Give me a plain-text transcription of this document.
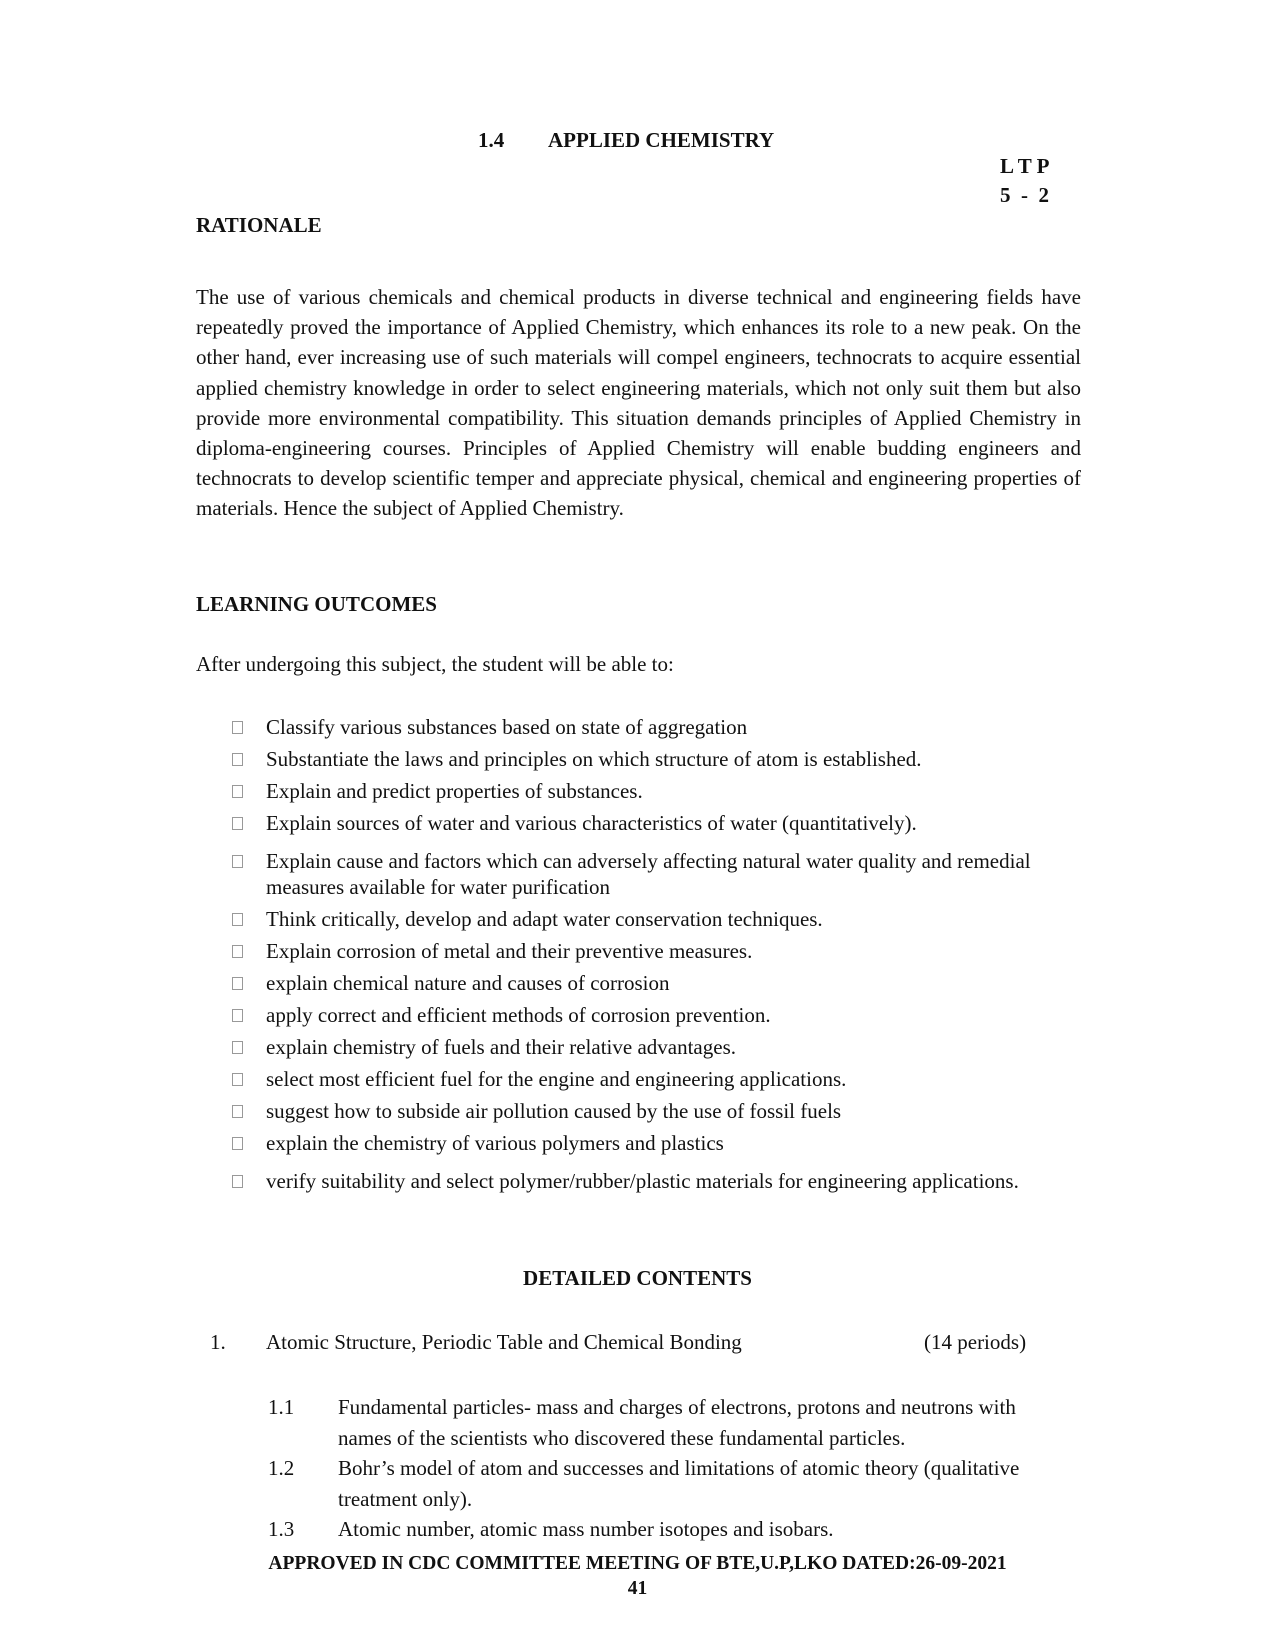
1.4 APPLIED CHEMISTRY
L T P
5  -  2
RATIONALE

The use of various chemicals and chemical products in diverse technical and engineering fields have repeatedly proved the importance of Applied Chemistry, which enhances its role to a new peak. On the other hand, ever increasing use of such materials will compel engineers, technocrats to acquire essential applied chemistry knowledge in order to select engineering materials, which not only suit them but also provide more environmental compatibility. This situation demands principles of Applied Chemistry in diploma-engineering courses. Principles of Applied Chemistry will enable budding engineers and technocrats to develop scientific temper and appreciate physical, chemical and engineering properties of materials. Hence the subject of Applied Chemistry.

LEARNING OUTCOMES
After undergoing this subject, the student will be able to:
Classify various substances based on state of aggregation
Substantiate the laws and principles on which structure of atom is established.
Explain and predict properties of substances.
Explain sources of water and various characteristics of water (quantitatively).
Explain cause and factors which can adversely affecting natural water quality and remedial measures available for water purification
Think critically, develop and adapt water conservation techniques.
Explain corrosion of metal and their preventive measures.
explain chemical nature and causes of corrosion
apply correct and efficient methods of corrosion prevention.
explain chemistry of fuels and their relative advantages.
select most efficient fuel for the engine and engineering applications.
suggest how to subside air pollution caused by the use of fossil fuels
explain the chemistry of various polymers and plastics
verify suitability and select polymer/rubber/plastic materials for engineering applications.
DETAILED CONTENTS
1. Atomic Structure, Periodic Table and Chemical Bonding	(14 periods)
1.1 Fundamental particles- mass and charges of electrons, protons and neutrons with names of the scientists who discovered these fundamental particles.
1.2 Bohr’s model of atom and successes and limitations of atomic theory (qualitative treatment only).
1.3 Atomic number, atomic mass number isotopes and isobars.
APPROVED IN CDC COMMITTEE MEETING OF BTE,U.P,LKO DATED:26-09-2021
41
